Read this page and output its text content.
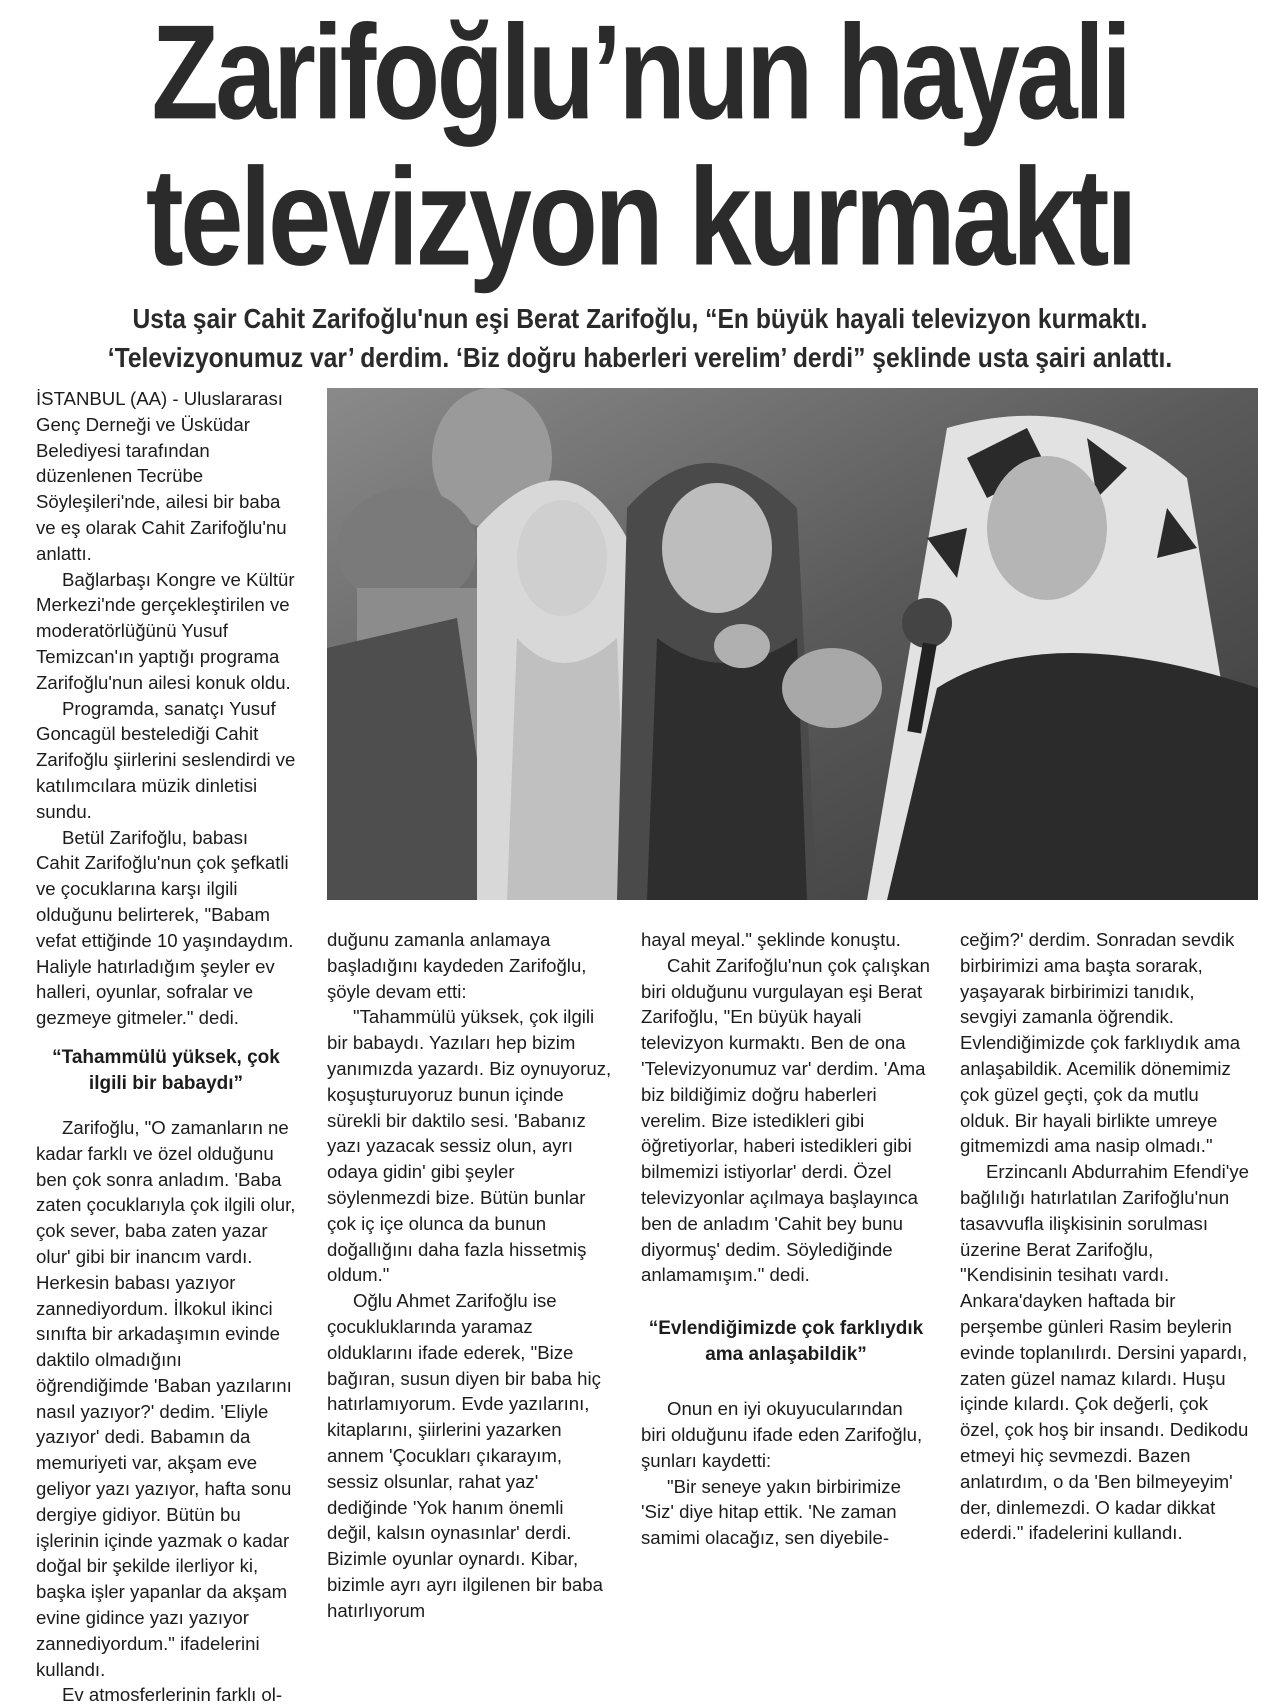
Zarifoğlu’nun hayali
televizyon kurmaktı
Usta şair Cahit Zarifoğlu'nun eşi Berat Zarifoğlu, “En büyük hayali televizyon kurmaktı.
‘Televizyonumuz var’ derdim. ‘Biz doğru haberleri verelim’ derdi” şeklinde usta şairi anlattı.

İSTANBUL (AA) - Uluslararası Genç Derneği ve Üsküdar Belediyesi tarafından düzenlenen Tecrübe Söyleşileri'nde, ailesi bir baba ve eş olarak Cahit Zarifoğlu'nu anlattı.

Bağlarbaşı Kongre ve Kültür Merkezi'nde gerçekleştirilen ve moderatörlüğünü Yusuf Temizcan'ın yaptığı programa Zarifoğlu'nun ailesi konuk oldu.

Programda, sanatçı Yusuf Goncagül bestelediği Cahit Zarifoğlu şiirlerini seslendirdi ve katılımcılara müzik dinletisi sundu.

Betül Zarifoğlu, babası Cahit Zarifoğlu'nun çok şefkatli ve çocuklarına karşı ilgili olduğunu belirterek, "Babam vefat ettiğinde 10 yaşındaydım. Haliyle hatırladığım şeyler ev halleri, oyunlar, sofralar ve gezmeye gitmeler." dedi.

“Tahammülü yüksek, çok ilgili bir babaydı”

Zarifoğlu, "O zamanların ne kadar farklı ve özel olduğunu ben çok sonra anladım. 'Baba zaten çocuklarıyla çok ilgili olur, çok sever, baba zaten yazar olur' gibi bir inancım vardı. Herkesin babası yazıyor zannediyordum. İlkokul ikinci sınıfta bir arkadaşımın evinde daktilo olmadığını öğrendiğimde 'Baban yazılarını nasıl yazıyor?' dedim. 'Eliyle yazıyor' dedi. Babamın da memuriyeti var, akşam eve geliyor yazı yazıyor, hafta sonu dergiye gidiyor. Bütün bu işlerinin içinde yazmak o kadar doğal bir şekilde ilerliyor ki, başka işler yapanlar da akşam evine gidince yazı yazıyor zannediyordum." ifadelerini kullandı.

Ev atmosferlerinin farklı ol-

duğunu zamanla anlamaya başladığını kaydeden Zarifoğlu, şöyle devam etti:

"Tahammülü yüksek, çok ilgili bir babaydı. Yazıları hep bizim yanımızda yazardı. Biz oynuyoruz, koşuşturuyoruz bunun içinde sürekli bir daktilo sesi. 'Babanız yazı yazacak sessiz olun, ayrı odaya gidin' gibi şeyler söylenmezdi bize. Bütün bunlar çok iç içe olunca da bunun doğallığını daha fazla hissetmiş oldum."

Oğlu Ahmet Zarifoğlu ise çocukluklarında yaramaz olduklarını ifade ederek, "Bize bağıran, susun diyen bir baba hiç hatırlamıyorum. Evde yazılarını, kitaplarını, şiirlerini yazarken annem 'Çocukları çıkarayım, sessiz olsunlar, rahat yaz' dediğinde 'Yok hanım önemli değil, kalsın oynasınlar' derdi. Bizimle oyunlar oynardı. Kibar, bizimle ayrı ayrı ilgilenen bir baba hatırlıyorum

hayal meyal." şeklinde konuştu.

Cahit Zarifoğlu'nun çok çalışkan biri olduğunu vurgulayan eşi Berat Zarifoğlu, "En büyük hayali televizyon kurmaktı. Ben de ona 'Televizyonumuz var' derdim. 'Ama biz bildiğimiz doğru haberleri verelim. Bize istedikleri gibi öğretiyorlar, haberi istedikleri gibi bilmemizi istiyorlar' derdi. Özel televizyonlar açılmaya başlayınca ben de anladım 'Cahit bey bunu diyormuş' dedim. Söylediğinde anlamamışım." dedi.

“Evlendiğimizde çok farklıydık ama anlaşabildik”

Onun en iyi okuyucularından biri olduğunu ifade eden Zarifoğlu, şunları kaydetti:

"Bir seneye yakın birbirimize 'Siz' diye hitap ettik. 'Ne zaman samimi olacağız, sen diyebile-

ceğim?' derdim. Sonradan sevdik birbirimizi ama başta sorarak, yaşayarak birbirimizi tanıdık, sevgiyi zamanla öğrendik. Evlendiğimizde çok farklıydık ama anlaşabildik. Acemilik dönemimiz çok güzel geçti, çok da mutlu olduk. Bir hayali birlikte umreye gitmemizdi ama nasip olmadı."

Erzincanlı Abdurrahim Efendi'ye bağlılığı hatırlatılan Zarifoğlu'nun tasavvufla ilişkisinin sorulması üzerine Berat Zarifoğlu, "Kendisinin tesihatı vardı. Ankara'dayken haftada bir perşembe günleri Rasim beylerin evinde toplanılırdı. Dersini yapardı, zaten güzel namaz kılardı. Huşu içinde kılardı. Çok değerli, çok özel, çok hoş bir insandı. Dedikodu etmeyi hiç sevmezdi. Bazen anlatırdım, o da 'Ben bilmeyeyim' der, dinlemezdi. O kadar dikkat ederdi." ifadelerini kullandı.
